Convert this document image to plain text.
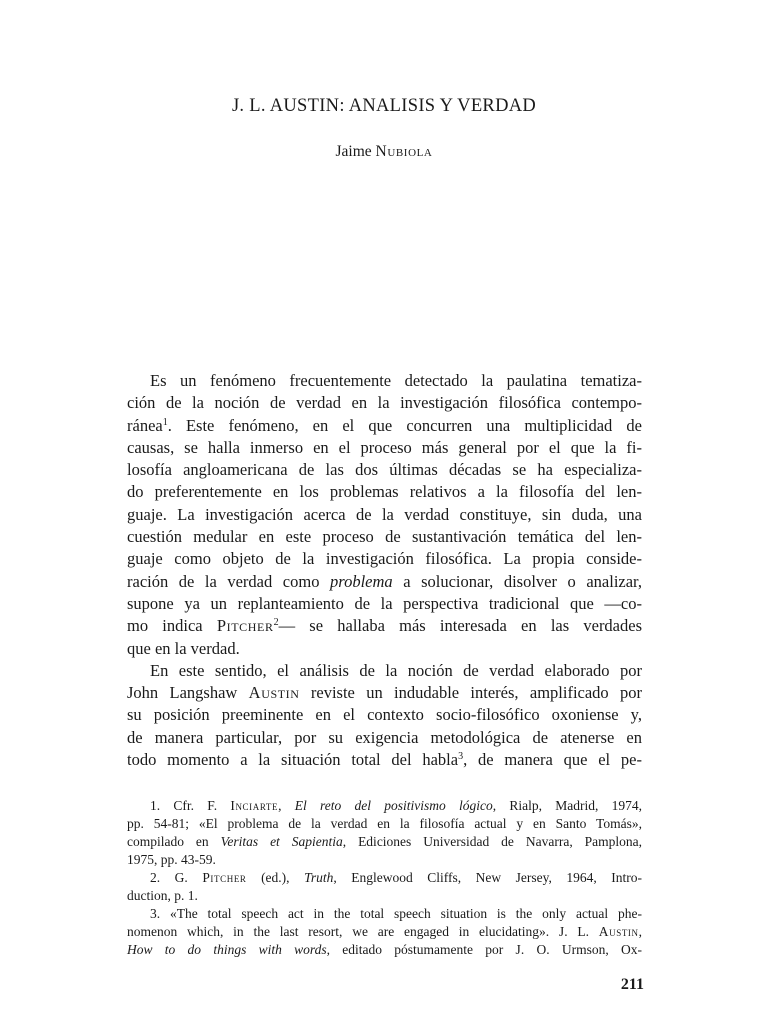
J. L. AUSTIN: ANALISIS Y VERDAD
Jaime Nubiola

Es un fenómeno frecuentemente detectado la paulatina tematiza-
ción de la noción de verdad en la investigación filosófica contempo-
ránea$^1$. Este fenómeno, en el que concurren una multiplicidad de
causas, se halla inmerso en el proceso más general por el que la fi-
losofía angloamericana de las dos últimas décadas se ha especializa-
do preferentemente en los problemas relativos a la filosofía del len-
guaje. La investigación acerca de la verdad constituye, sin duda, una
cuestión medular en este proceso de sustantivación temática del len-
guaje como objeto de la investigación filosófica. La propia conside-
ración de la verdad como problema a solucionar, disolver o analizar,
supone ya un replanteamiento de la perspectiva tradicional que —co-
mo indica Pitcher$^2$— se hallaba más interesada en las verdades
que en la verdad.

En este sentido, el análisis de la noción de verdad elaborado por
John Langshaw Austin reviste un indudable interés, amplificado por
su posición preeminente en el contexto socio-filosófico oxoniense y,
de manera particular, por su exigencia metodológica de atenerse en
todo momento a la situación total del habla$^3$, de manera que el pe-

1. Cfr. F. Inciarte, El reto del positivismo lógico, Rialp, Madrid, 1974,
pp. 54-81; «El problema de la verdad en la filosofía actual y en Santo Tomás»,
compilado en Veritas et Sapientia, Ediciones Universidad de Navarra, Pamplona,
1975, pp. 43-59.
2. G. Pitcher (ed.), Truth, Englewood Cliffs, New Jersey, 1964, Intro-
duction, p. 1.
3. «The total speech act in the total speech situation is the only actual phe-
nomenon which, in the last resort, we are engaged in elucidating». J. L. Austin,
How to do things with words, editado póstumamente por J. O. Urmson, Ox-
211
